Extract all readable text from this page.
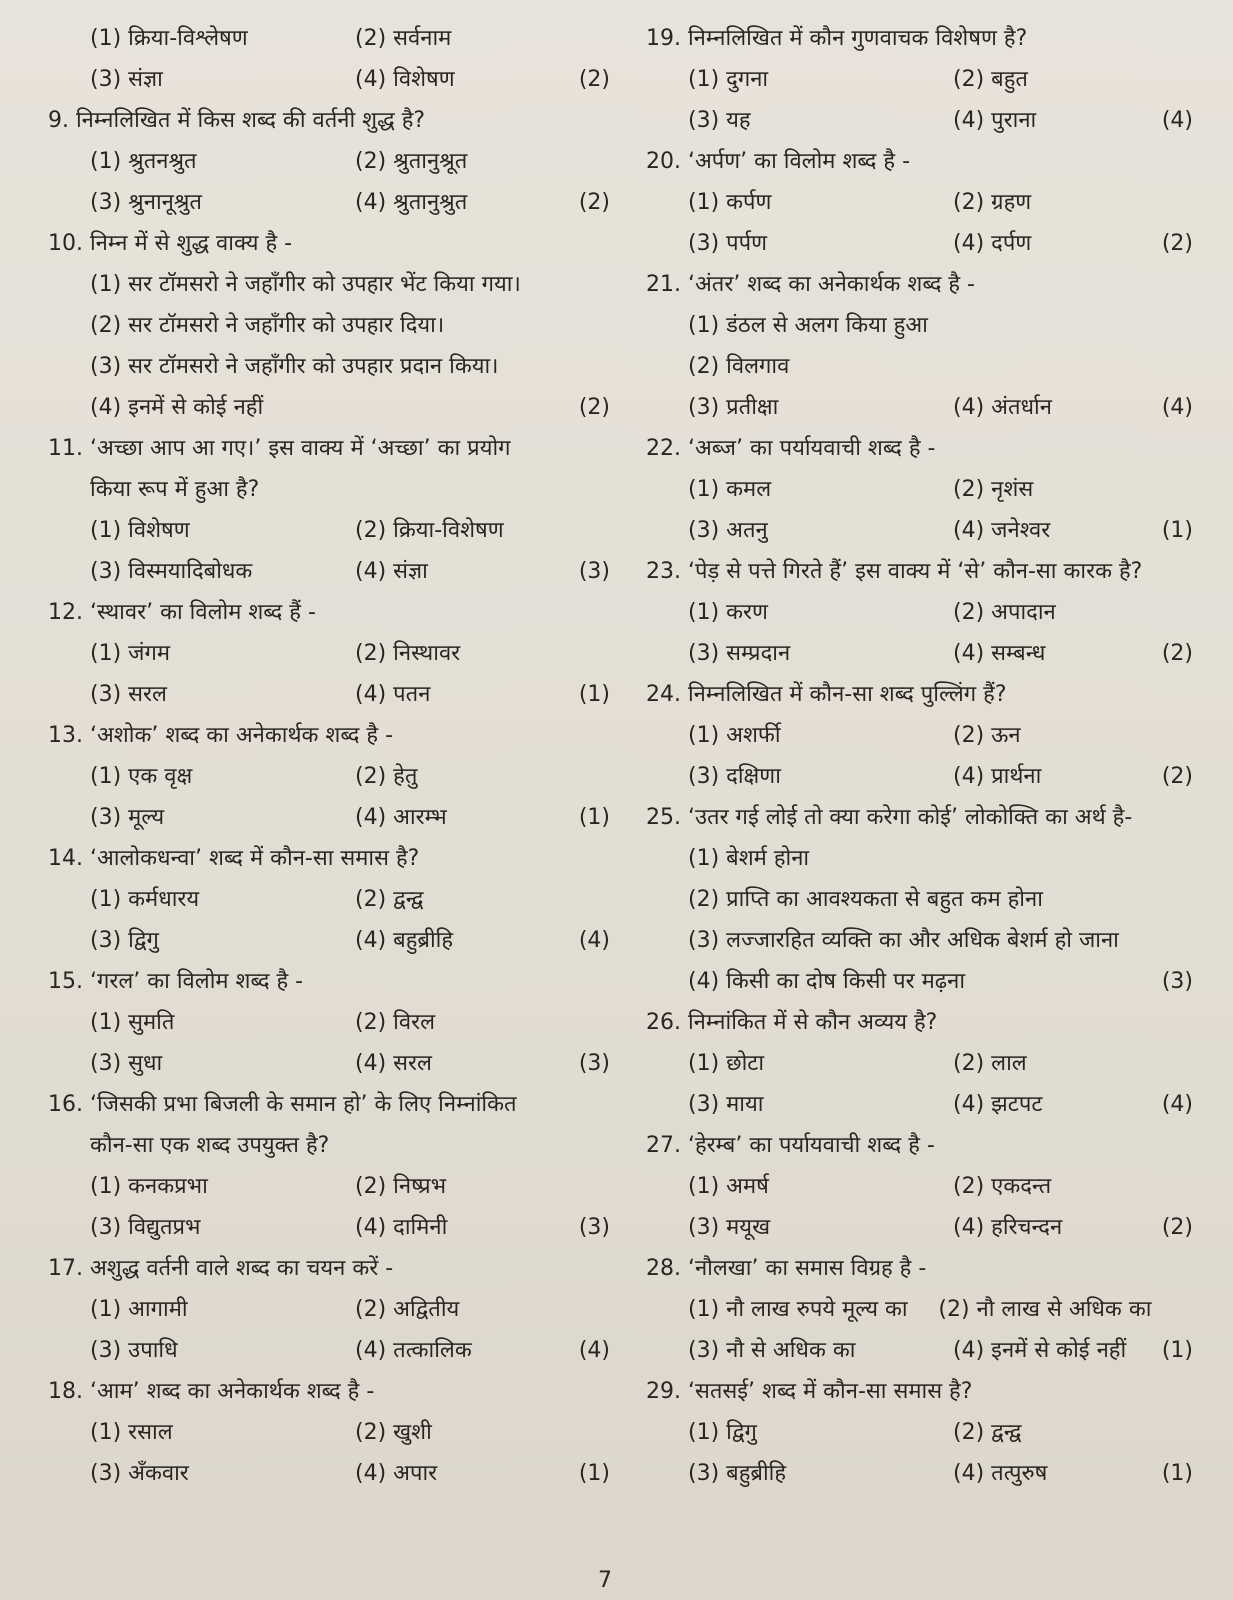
(1) क्रिया-विश्लेषण	(2) सर्वनाम
(3) संज्ञा	(4) विशेषण	(2)
9. निम्नलिखित में किस शब्द की वर्तनी शुद्ध है?
(1) श्रुतनश्रुत	(2) श्रुतानुश्रूत
(3) श्रुनानूश्रुत	(4) श्रुतानुश्रुत	(2)
10. निम्न में से शुद्ध वाक्य है -
(1) सर टॉमसरो ने जहाँगीर को उपहार भेंट किया गया।
(2) सर टॉमसरो ने जहाँगीर को उपहार दिया।
(3) सर टॉमसरो ने जहाँगीर को उपहार प्रदान किया।
(4) इनमें से कोई नहीं	(2)
11. ‘अच्छा आप आ गए।’ इस वाक्य में ‘अच्छा’ का प्रयोग
किया रूप में हुआ है?
(1) विशेषण	(2) क्रिया-विशेषण
(3) विस्मयादिबोधक	(4) संज्ञा	(3)
12. ‘स्थावर’ का विलोम शब्द हैं -
(1) जंगम	(2) निस्थावर
(3) सरल	(4) पतन	(1)
13. ‘अशोक’ शब्द का अनेकार्थक शब्द है -
(1) एक वृक्ष	(2) हेतु
(3) मूल्य	(4) आरम्भ	(1)
14. ‘आलोकधन्वा’ शब्द में कौन-सा समास है?
(1) कर्मधारय	(2) द्वन्द्व
(3) द्विगु	(4) बहुब्रीहि	(4)
15. ‘गरल’ का विलोम शब्द है -
(1) सुमति	(2) विरल
(3) सुधा	(4) सरल	(3)
16. ‘जिसकी प्रभा बिजली के समान हो’ के लिए निम्नांकित
कौन-सा एक शब्द उपयुक्त है?
(1) कनकप्रभा	(2) निष्प्रभ
(3) विद्युतप्रभ	(4) दामिनी	(3)
17. अशुद्ध वर्तनी वाले शब्द का चयन करें -
(1) आगामी	(2) अद्वितीय
(3) उपाधि	(4) तत्कालिक	(4)
18. ‘आम’ शब्द का अनेकार्थक शब्द है -
(1) रसाल	(2) खुशी
(3) अँकवार	(4) अपार	(1)
19. निम्नलिखित में कौन गुणवाचक विशेषण है?
(1) दुगना	(2) बहुत
(3) यह	(4) पुराना	(4)
20. ‘अर्पण’ का विलोम शब्द है -
(1) कर्पण	(2) ग्रहण
(3) पर्पण	(4) दर्पण	(2)
21. ‘अंतर’ शब्द का अनेकार्थक शब्द है -
(1) डंठल से अलग किया हुआ
(2) विलगाव
(3) प्रतीक्षा	(4) अंतर्धान	(4)
22. ‘अब्ज’ का पर्यायवाची शब्द है -
(1) कमल	(2) नृशंस
(3) अतनु	(4) जनेश्वर	(1)
23. ‘पेड़ से पत्ते गिरते हैं’ इस वाक्य में ‘से’ कौन-सा कारक है?
(1) करण	(2) अपादान
(3) सम्प्रदान	(4) सम्बन्ध	(2)
24. निम्नलिखित में कौन-सा शब्द पुल्लिंग हैं?
(1) अशर्फी	(2) ऊन
(3) दक्षिणा	(4) प्रार्थना	(2)
25. ‘उतर गई लोई तो क्या करेगा कोई’ लोकोक्ति का अर्थ है-
(1) बेशर्म होना
(2) प्राप्ति का आवश्यकता से बहुत कम होना
(3) लज्जारहित व्यक्ति का और अधिक बेशर्म हो जाना
(4) किसी का दोष किसी पर मढ़ना	(3)
26. निम्नांकित में से कौन अव्यय है?
(1) छोटा	(2) लाल
(3) माया	(4) झटपट	(4)
27. ‘हेरम्ब’ का पर्यायवाची शब्द है -
(1) अमर्ष	(2) एकदन्त
(3) मयूख	(4) हरिचन्दन	(2)
28. ‘नौलखा’ का समास विग्रह है -
(1) नौ लाख रुपये मूल्य का	(2) नौ लाख से अधिक का
(3) नौ से अधिक का	(4) इनमें से कोई नहीं	(1)
29. ‘सतसई’ शब्द में कौन-सा समास है?
(1) द्विगु	(2) द्वन्द्व
(3) बहुब्रीहि	(4) तत्पुरुष	(1)
7
